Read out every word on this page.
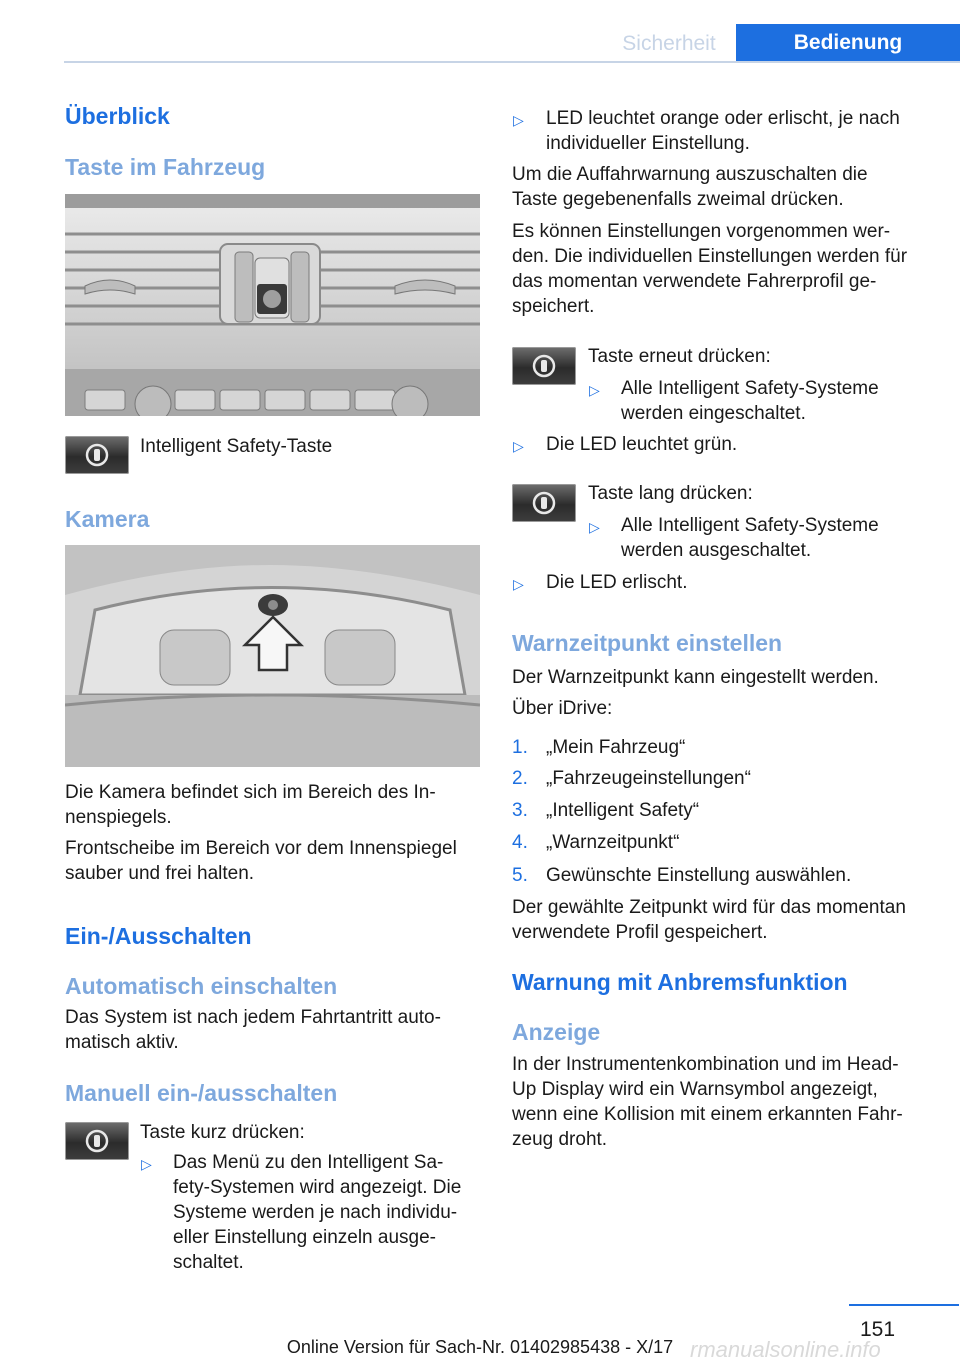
Sicherheit	Bedienung
Überblick
Taste im Fahrzeug
Intelligent Safety-Taste
Kamera
Die Kamera befindet sich im Bereich des In‐
nenspiegels.
Frontscheibe im Bereich vor dem Innenspiegel
sauber und frei halten.
Ein-/Ausschalten
Automatisch einschalten
Das System ist nach jedem Fahrtantritt auto‐
matisch aktiv.
Manuell ein-/ausschalten
Taste kurz drücken:
▷ Das Menü zu den Intelligent Sa‐
fety-Systemen wird angezeigt. Die
Systeme werden je nach individu‐
eller Einstellung einzeln ausge‐
schaltet.
▷ LED leuchtet orange oder erlischt, je nach
individueller Einstellung.
Um die Auffahrwarnung auszuschalten die
Taste gegebenenfalls zweimal drücken.
Es können Einstellungen vorgenommen wer‐
den. Die individuellen Einstellungen werden für
das momentan verwendete Fahrerprofil ge‐
speichert.
Taste erneut drücken:
▷ Alle Intelligent Safety-Systeme
werden eingeschaltet.
▷ Die LED leuchtet grün.
Taste lang drücken:
▷ Alle Intelligent Safety-Systeme
werden ausgeschaltet.
▷ Die LED erlischt.
Warnzeitpunkt einstellen
Der Warnzeitpunkt kann eingestellt werden.
Über iDrive:
1. „Mein Fahrzeug“
2. „Fahrzeugeinstellungen“
3. „Intelligent Safety“
4. „Warnzeitpunkt“
5. Gewünschte Einstellung auswählen.
Der gewählte Zeitpunkt wird für das momentan
verwendete Profil gespeichert.
Warnung mit Anbremsfunktion
Anzeige
In der Instrumentenkombination und im Head-
Up Display wird ein Warnsymbol angezeigt,
wenn eine Kollision mit einem erkannten Fahr‐
zeug droht.
151
rmanualsonline.info
Online Version für Sach-Nr. 01402985438 - X/17
